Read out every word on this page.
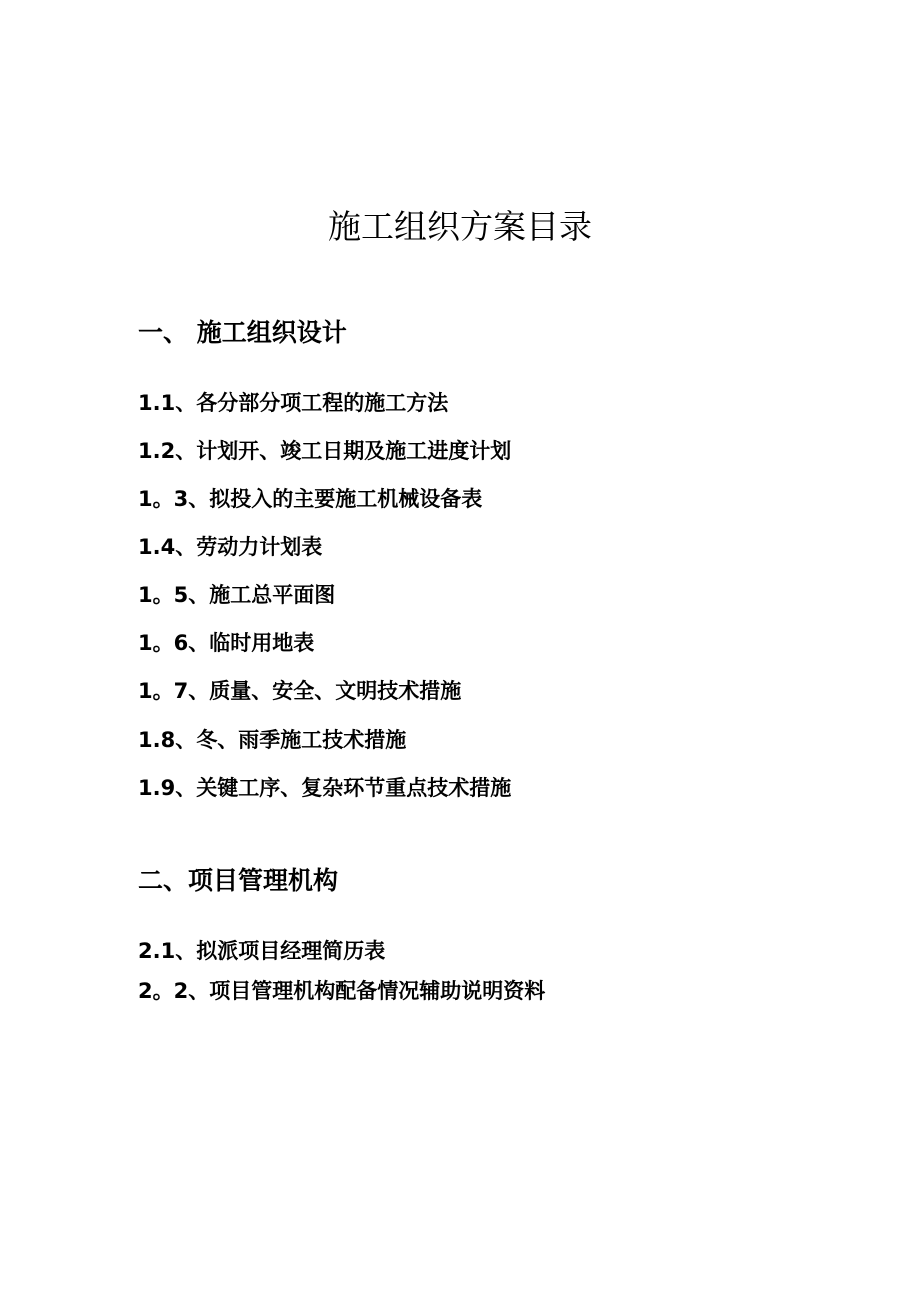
施工组织方案目录
一、 施工组织设计
1.1、各分部分项工程的施工方法
1.2、计划开、竣工日期及施工进度计划
1。3、拟投入的主要施工机械设备表
1.4、劳动力计划表
1。5、施工总平面图
1。6、临时用地表
1。7、质量、安全、文明技术措施
1.8、冬、雨季施工技术措施
1.9、关键工序、复杂环节重点技术措施
二、项目管理机构
2.1、拟派项目经理简历表
2。2、项目管理机构配备情况辅助说明资料
